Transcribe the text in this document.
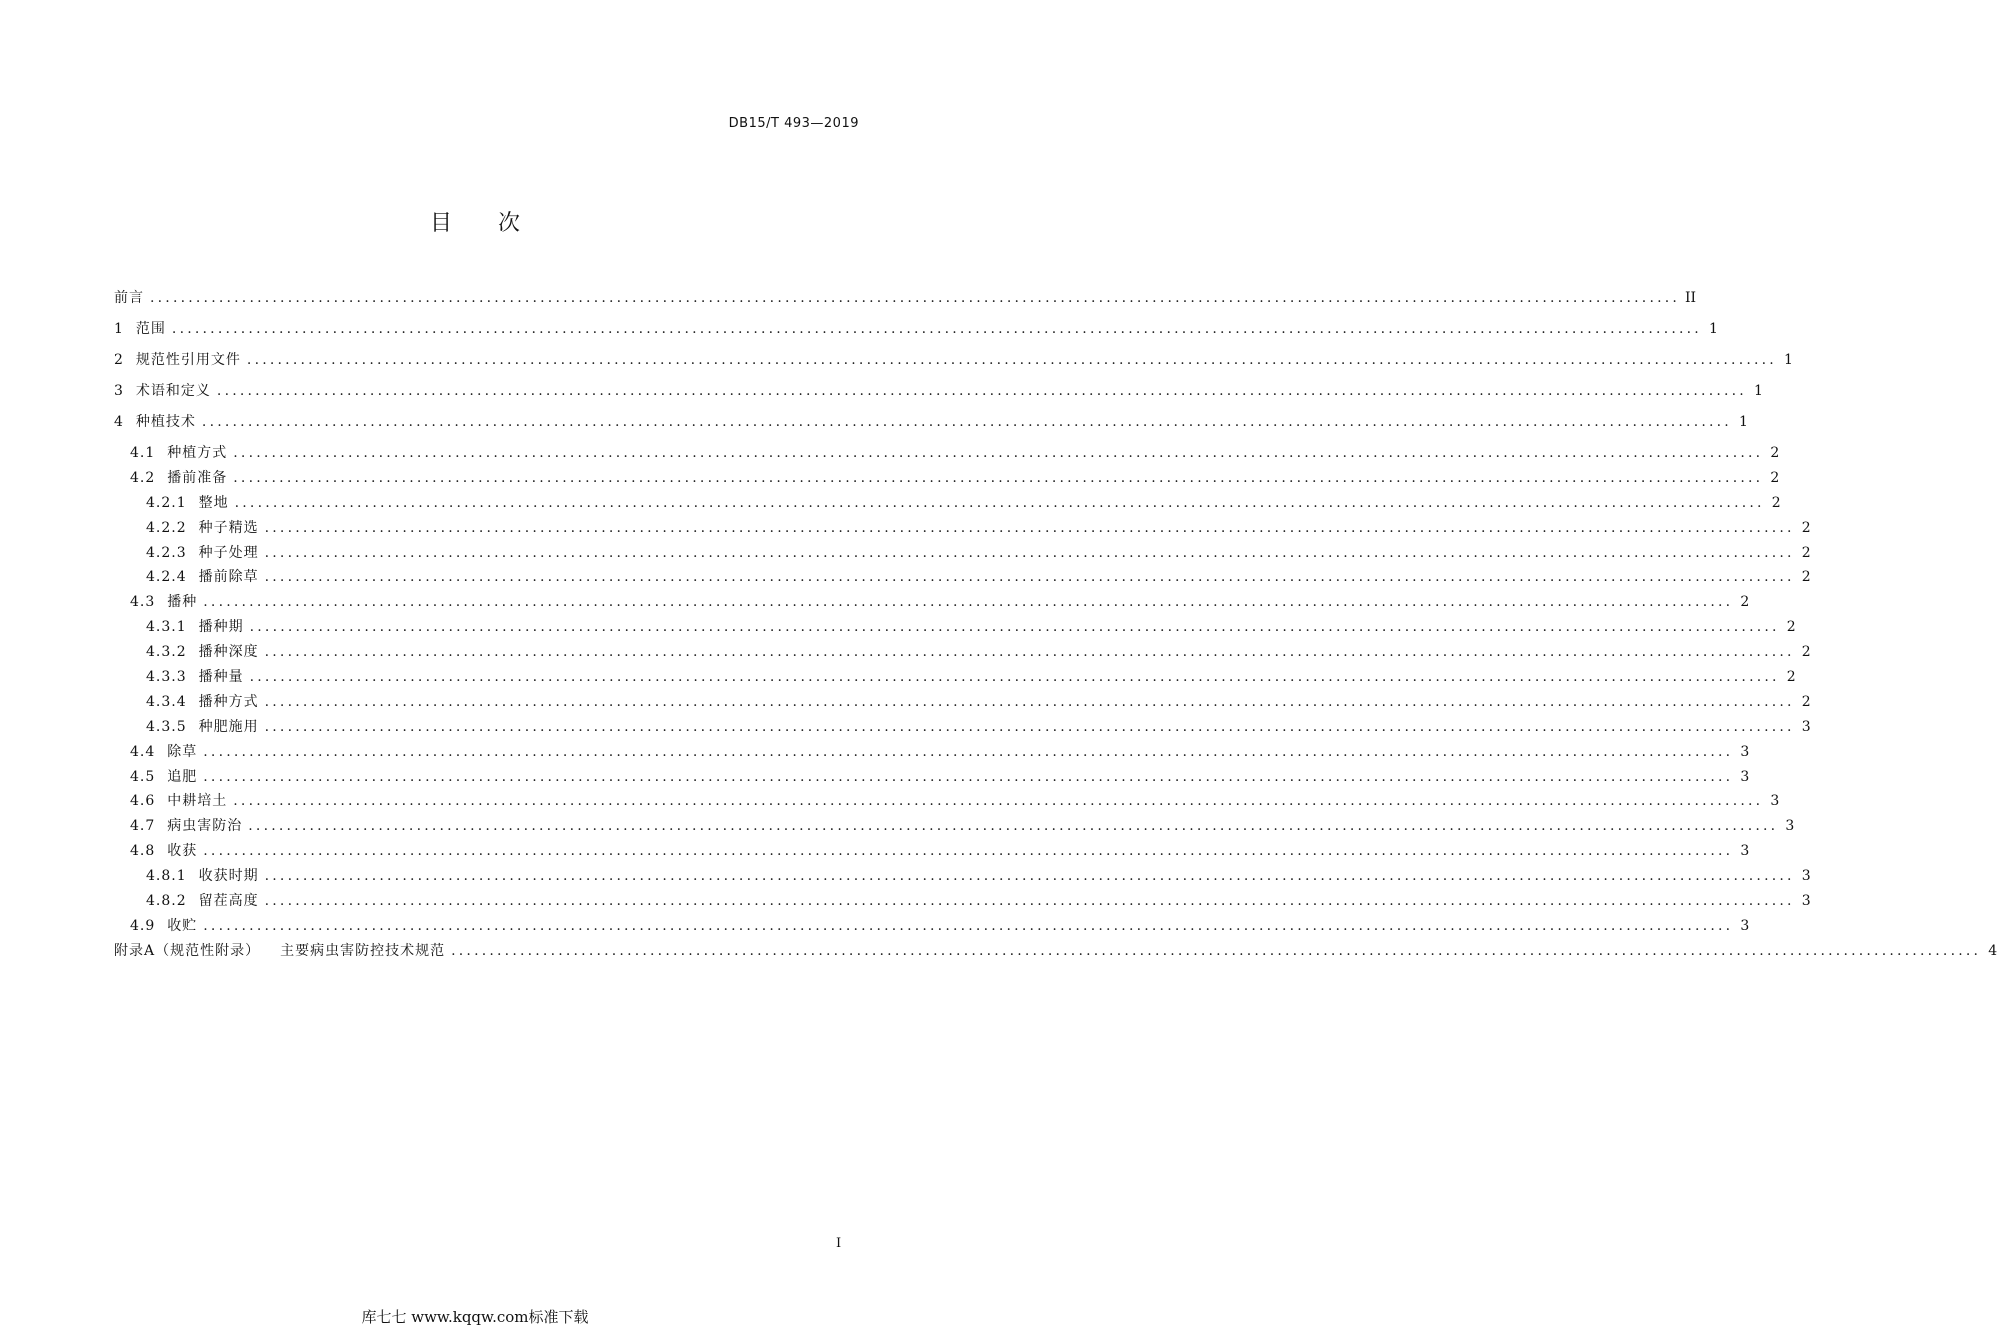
DB15/T 493—2019
目 次
前言 ........................................................................................................................................................................................................ II
1 范围 ........................................................................................................................................................................................................ 1
2 规范性引用文件 ........................................................................................................................................................................................................ 1
3 术语和定义 ........................................................................................................................................................................................................ 1
4 种植技术 ........................................................................................................................................................................................................ 1
4.1 种植方式 ........................................................................................................................................................................................................ 2
4.2 播前准备 ........................................................................................................................................................................................................ 2
4.2.1 整地 ........................................................................................................................................................................................................ 2
4.2.2 种子精选 ........................................................................................................................................................................................................ 2
4.2.3 种子处理 ........................................................................................................................................................................................................ 2
4.2.4 播前除草 ........................................................................................................................................................................................................ 2
4.3 播种 ........................................................................................................................................................................................................ 2
4.3.1 播种期 ........................................................................................................................................................................................................ 2
4.3.2 播种深度 ........................................................................................................................................................................................................ 2
4.3.3 播种量 ........................................................................................................................................................................................................ 2
4.3.4 播种方式 ........................................................................................................................................................................................................ 2
4.3.5 种肥施用 ........................................................................................................................................................................................................ 3
4.4 除草 ........................................................................................................................................................................................................ 3
4.5 追肥 ........................................................................................................................................................................................................ 3
4.6 中耕培土 ........................................................................................................................................................................................................ 3
4.7 病虫害防治 ........................................................................................................................................................................................................ 3
4.8 收获 ........................................................................................................................................................................................................ 3
4.8.1 收获时期 ........................................................................................................................................................................................................ 3
4.8.2 留茬高度 ........................................................................................................................................................................................................ 3
4.9 收贮 ........................................................................................................................................................................................................ 3
附录A（规范性附录） 主要病虫害防控技术规范 ........................................................................................................................................................................................................ 4
I
库七七 www.kqqw.com标准下载
